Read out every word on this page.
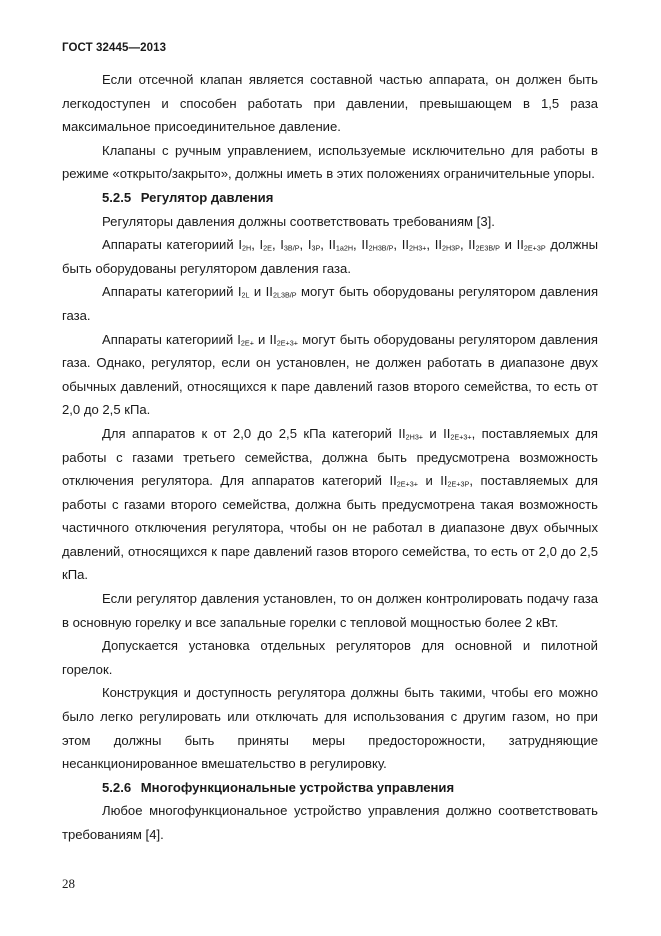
ГОСТ 32445—2013

Если отсечной клапан является составной частью аппарата, он должен быть легкодоступен и способен работать при давлении, превышающем в 1,5 раза максимальное присоединительное давление.

Клапаны с ручным управлением, используемые исключительно для работы в режиме «открыто/закрыто», должны иметь в этих положениях ограничительные упоры.

5.2.5 Регулятор давления

Регуляторы давления должны соответствовать требованиям [3].

Аппараты категориий $I_{2H}$, $I_{2E}$, $I_{3B/P}$, $I_{3P}$, $II_{1a2H}$, $II_{2H3B/P}$, $II_{2H3+}$, $II_{2H3P}$, $II_{2E3B/P}$ и $II_{2E+3P}$ должны быть оборудованы регулятором давления газа.

Аппараты категориий $I_{2L}$ и $II_{2L3B/P}$ могут быть оборудованы регулятором давления газа.

Аппараты категориий $I_{2E+}$ и $II_{2E+3+}$ могут быть оборудованы регулятором давления газа. Однако, регулятор, если он установлен, не должен работать в диапазоне двух обычных давлений, относящихся к паре давлений газов второго семейства, то есть от 2,0 до 2,5 кПа.

Для аппаратов к от 2,0 до 2,5 кПа категорий $II_{2H3+}$ и $II_{2E+3+}$, поставляемых для работы с газами третьего семейства, должна быть предусмотрена возможность отключения регулятора. Для аппаратов категорий $II_{2E+3+}$ и $II_{2E+3P}$, поставляемых для работы с газами второго семейства, должна быть предусмотрена такая возможность частичного отключения регулятора, чтобы он не работал в диапазоне двух обычных давлений, относящихся к паре давлений газов второго семейства, то есть от 2,0 до 2,5 кПа.

Если регулятор давления установлен, то он должен контролировать подачу газа в основную горелку и все запальные горелки с тепловой мощностью более 2 кВт.

Допускается установка отдельных регуляторов для основной и пилотной горелок.

Конструкция и доступность регулятора должны быть такими, чтобы его можно было легко регулировать или отключать для использования с другим газом, но при этом должны быть приняты меры предосторожности, затрудняющие несанкционированное вмешательство в регулировку.

5.2.6 Многофункциональные устройства управления

Любое многофункциональное устройство управления должно соответствовать требованиям [4].

28
